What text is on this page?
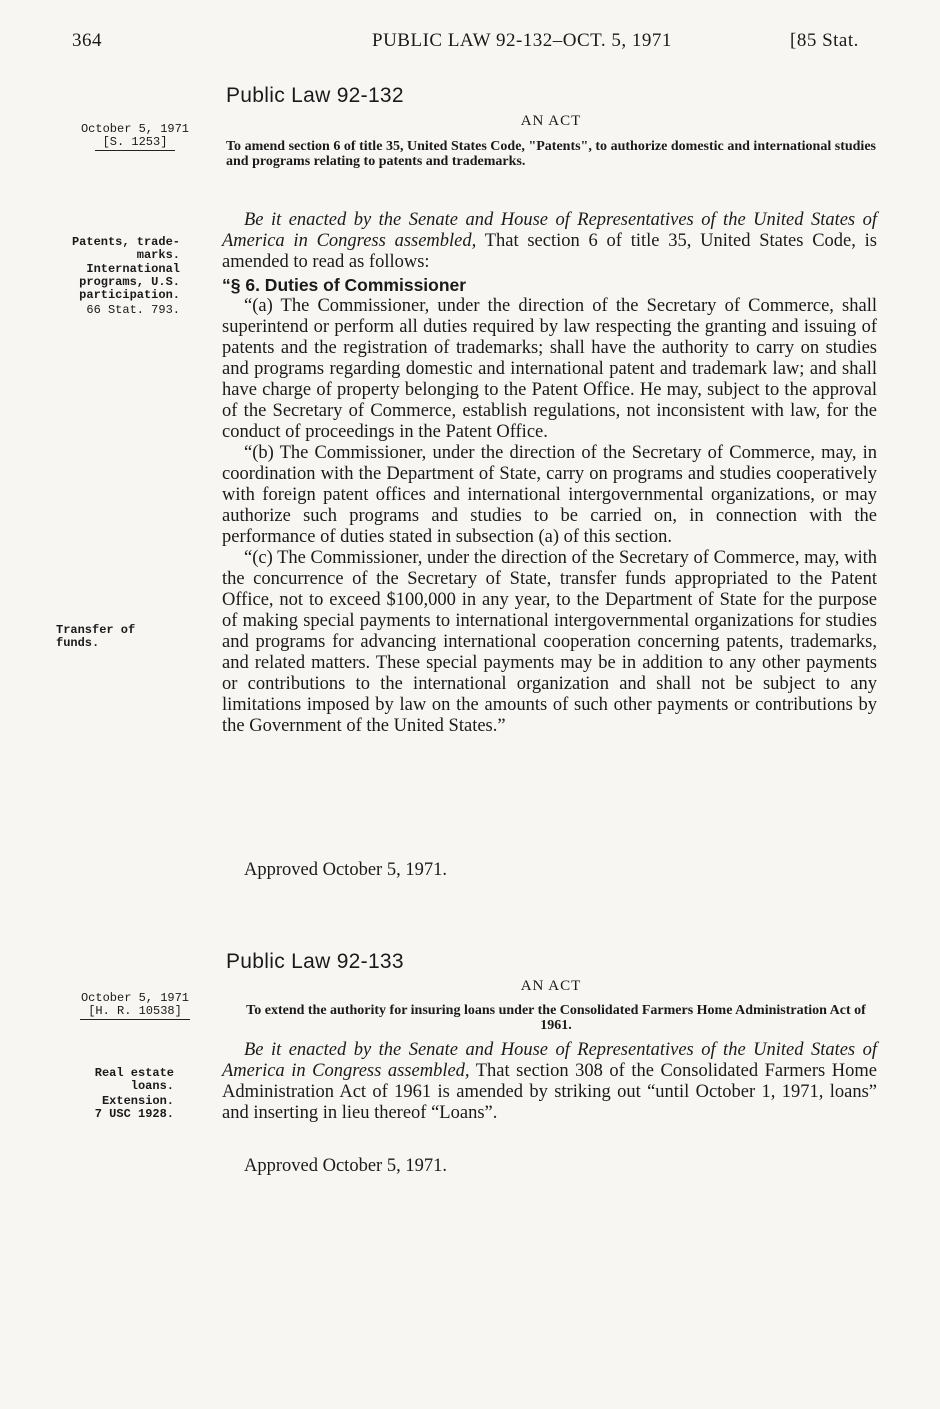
364	PUBLIC LAW 92-132–OCT. 5, 1971	[85 Stat.
Public Law 92-132
October 5, 1971
[S. 1253]
AN ACT
To amend section 6 of title 35, United States Code, "Patents", to authorize domestic and international studies and programs relating to patents and trademarks.
Patents, trade-marks.
International programs, U.S. participation.
66 Stat. 793.
Transfer of funds.

Be it enacted by the Senate and House of Representatives of the United States of America in Congress assembled, That section 6 of title 35, United States Code, is amended to read as follows:

“§ 6. Duties of Commissioner

“(a) The Commissioner, under the direction of the Secretary of Commerce, shall superintend or perform all duties required by law respecting the granting and issuing of patents and the registration of trademarks; shall have the authority to carry on studies and programs regarding domestic and international patent and trademark law; and shall have charge of property belonging to the Patent Office. He may, subject to the approval of the Secretary of Commerce, establish regulations, not inconsistent with law, for the conduct of proceedings in the Patent Office.

“(b) The Commissioner, under the direction of the Secretary of Commerce, may, in coordination with the Department of State, carry on programs and studies cooperatively with foreign patent offices and international intergovernmental organizations, or may authorize such programs and studies to be carried on, in connection with the performance of duties stated in subsection (a) of this section.

“(c) The Commissioner, under the direction of the Secretary of Commerce, may, with the concurrence of the Secretary of State, transfer funds appropriated to the Patent Office, not to exceed $100,000 in any year, to the Department of State for the purpose of making special payments to international intergovernmental organizations for studies and programs for advancing international cooperation concerning patents, trademarks, and related matters. These special payments may be in addition to any other payments or contributions to the international organization and shall not be subject to any limitations imposed by law on the amounts of such other payments or contributions by the Government of the United States.”

Approved October 5, 1971.
Public Law 92-133
October 5, 1971
[H. R. 10538]
AN ACT
To extend the authority for insuring loans under the Consolidated Farmers Home Administration Act of 1961.
Real estate loans.
Extension.
7 USC 1928.

Be it enacted by the Senate and House of Representatives of the United States of America in Congress assembled, That section 308 of the Consolidated Farmers Home Administration Act of 1961 is amended by striking out “until October 1, 1971, loans” and inserting in lieu thereof “Loans”.

Approved October 5, 1971.
